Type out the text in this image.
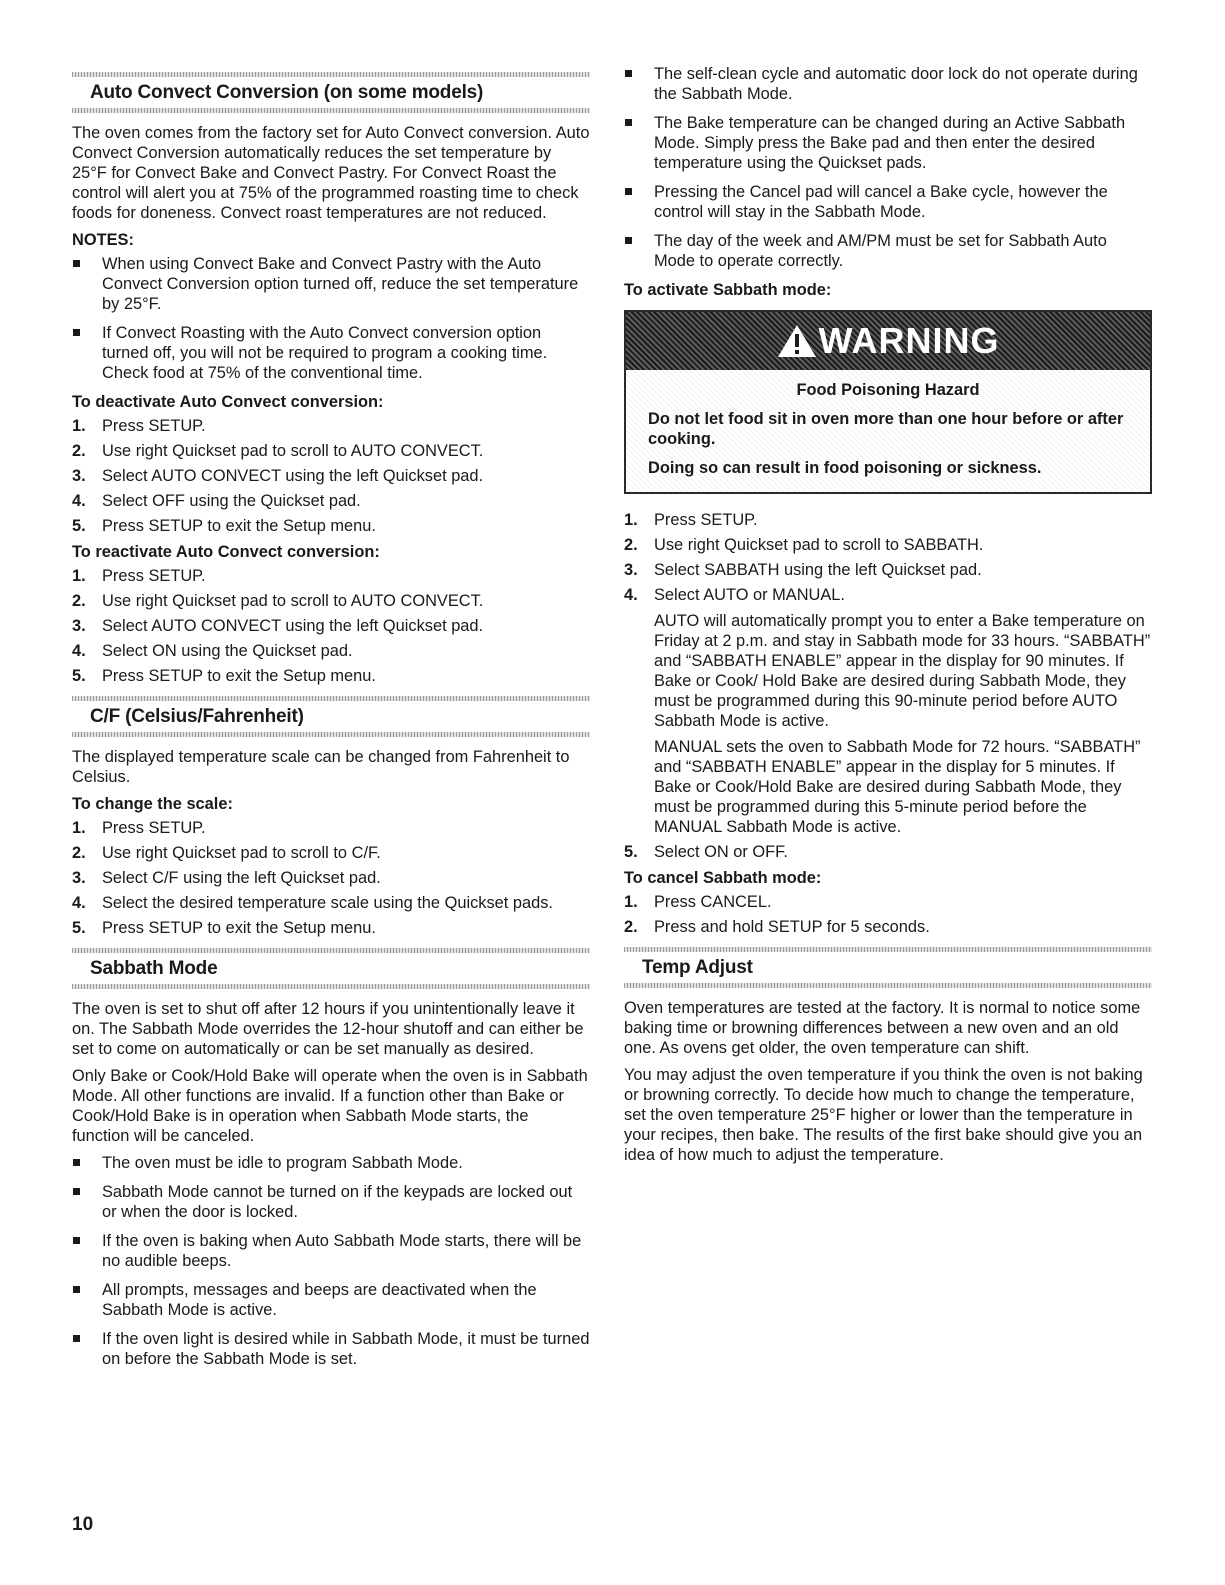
Auto Convect Conversion (on some models)

The oven comes from the factory set for Auto Convect conversion. Auto Convect Conversion automatically reduces the set temperature by 25°F for Convect Bake and Convect Pastry. For Convect Roast the control will alert you at 75% of the programmed roasting time to check foods for doneness. Convect roast temperatures are not reduced.

NOTES:
When using Convect Bake and Convect Pastry with the Auto Convect Conversion option turned off, reduce the set temperature by 25°F.
If Convect Roasting with the Auto Convect conversion option turned off, you will not be required to program a cooking time. Check food at 75% of the conventional time.
To deactivate Auto Convect conversion:
1. Press SETUP.
2. Use right Quickset pad to scroll to AUTO CONVECT.
3. Select AUTO CONVECT using the left Quickset pad.
4. Select OFF using the Quickset pad.
5. Press SETUP to exit the Setup menu.
To reactivate Auto Convect conversion:
1. Press SETUP.
2. Use right Quickset pad to scroll to AUTO CONVECT.
3. Select AUTO CONVECT using the left Quickset pad.
4. Select ON using the Quickset pad.
5. Press SETUP to exit the Setup menu.
C/F (Celsius/Fahrenheit)

The displayed temperature scale can be changed from Fahrenheit to Celsius.

To change the scale:
1. Press SETUP.
2. Use right Quickset pad to scroll to C/F.
3. Select C/F using the left Quickset pad.
4. Select the desired temperature scale using the Quickset pads.
5. Press SETUP to exit the Setup menu.
Sabbath Mode

The oven is set to shut off after 12 hours if you unintentionally leave it on. The Sabbath Mode overrides the 12-hour shutoff and can either be set to come on automatically or can be set manually as desired.

Only Bake or Cook/Hold Bake will operate when the oven is in Sabbath Mode. All other functions are invalid. If a function other than Bake or Cook/Hold Bake is in operation when Sabbath Mode starts, the function will be canceled.

The oven must be idle to program Sabbath Mode.
Sabbath Mode cannot be turned on if the keypads are locked out or when the door is locked.
If the oven is baking when Auto Sabbath Mode starts, there will be no audible beeps.
All prompts, messages and beeps are deactivated when the Sabbath Mode is active.
If the oven light is desired while in Sabbath Mode, it must be turned on before the Sabbath Mode is set.
The self-clean cycle and automatic door lock do not operate during the Sabbath Mode.
The Bake temperature can be changed during an Active Sabbath Mode. Simply press the Bake pad and then enter the desired temperature using the Quickset pads.
Pressing the Cancel pad will cancel a Bake cycle, however the control will stay in the Sabbath Mode.
The day of the week and AM/PM must be set for Sabbath Auto Mode to operate correctly.
To activate Sabbath mode:
WARNING

Food Poisoning Hazard

Do not let food sit in oven more than one hour before or after cooking.

Doing so can result in food poisoning or sickness.

1. Press SETUP.
2. Use right Quickset pad to scroll to SABBATH.
3. Select SABBATH using the left Quickset pad.
4. Select AUTO or MANUAL.

AUTO will automatically prompt you to enter a Bake temperature on Friday at 2 p.m. and stay in Sabbath mode for 33 hours. “SABBATH” and “SABBATH ENABLE” appear in the display for 90 minutes. If Bake or Cook/ Hold Bake are desired during Sabbath Mode, they must be programmed during this 90-minute period before AUTO Sabbath Mode is active.

MANUAL sets the oven to Sabbath Mode for 72 hours. “SABBATH” and “SABBATH ENABLE” appear in the display for 5 minutes. If Bake or Cook/Hold Bake are desired during Sabbath Mode, they must be programmed during this 5-minute period before the MANUAL Sabbath Mode is active.

5. Select ON or OFF.
To cancel Sabbath mode:
1. Press CANCEL.
2. Press and hold SETUP for 5 seconds.
Temp Adjust

Oven temperatures are tested at the factory. It is normal to notice some baking time or browning differences between a new oven and an old one. As ovens get older, the oven temperature can shift.

You may adjust the oven temperature if you think the oven is not baking or browning correctly. To decide how much to change the temperature, set the oven temperature 25°F higher or lower than the temperature in your recipes, then bake. The results of the first bake should give you an idea of how much to adjust the temperature.

10
